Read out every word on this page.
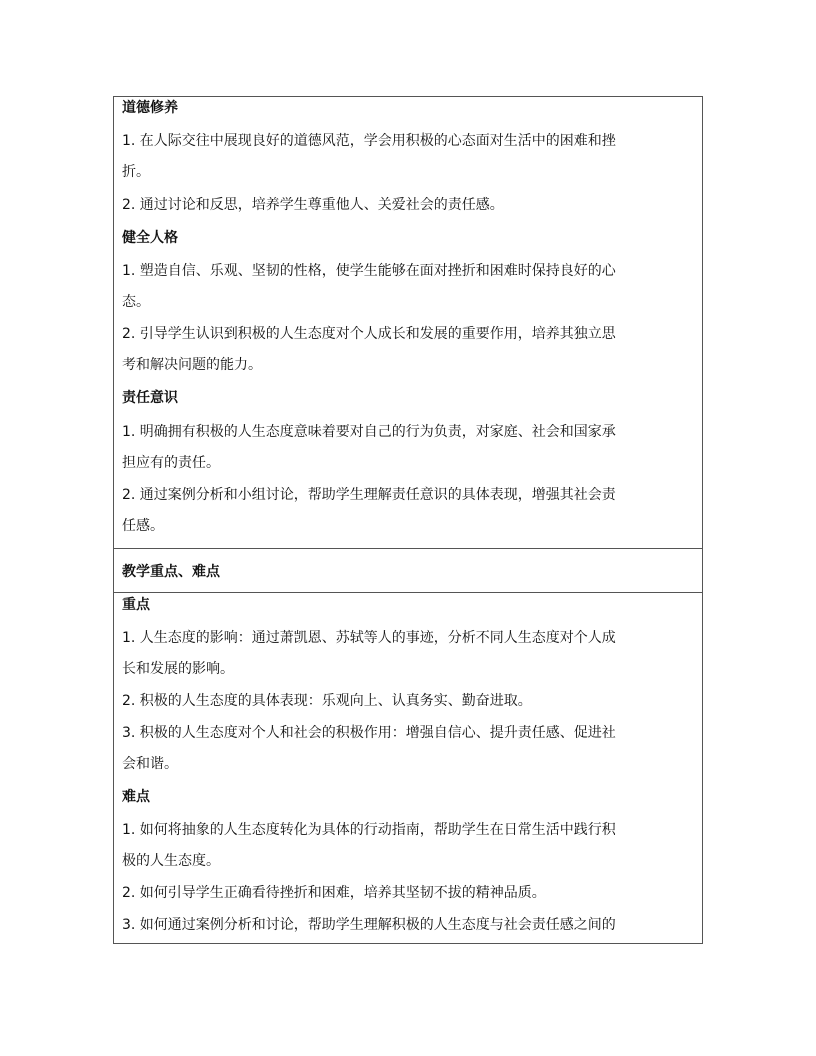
道德修养
1. 在人际交往中展现良好的道德风范，学会用积极的心态面对生活中的困难和挫
折。
2. 通过讨论和反思，培养学生尊重他人、关爱社会的责任感。
健全人格
1. 塑造自信、乐观、坚韧的性格，使学生能够在面对挫折和困难时保持良好的心
态。
2. 引导学生认识到积极的人生态度对个人成长和发展的重要作用，培养其独立思
考和解决问题的能力。
责任意识
1. 明确拥有积极的人生态度意味着要对自己的行为负责，对家庭、社会和国家承
担应有的责任。
2. 通过案例分析和小组讨论，帮助学生理解责任意识的具体表现，增强其社会责
任感。
教学重点、难点
重点
1. 人生态度的影响：通过萧凯恩、苏轼等人的事迹，分析不同人生态度对个人成
长和发展的影响。
2. 积极的人生态度的具体表现：乐观向上、认真务实、勤奋进取。
3. 积极的人生态度对个人和社会的积极作用：增强自信心、提升责任感、促进社
会和谐。
难点
1. 如何将抽象的人生态度转化为具体的行动指南，帮助学生在日常生活中践行积
极的人生态度。
2. 如何引导学生正确看待挫折和困难，培养其坚韧不拔的精神品质。
3. 如何通过案例分析和讨论，帮助学生理解积极的人生态度与社会责任感之间的
